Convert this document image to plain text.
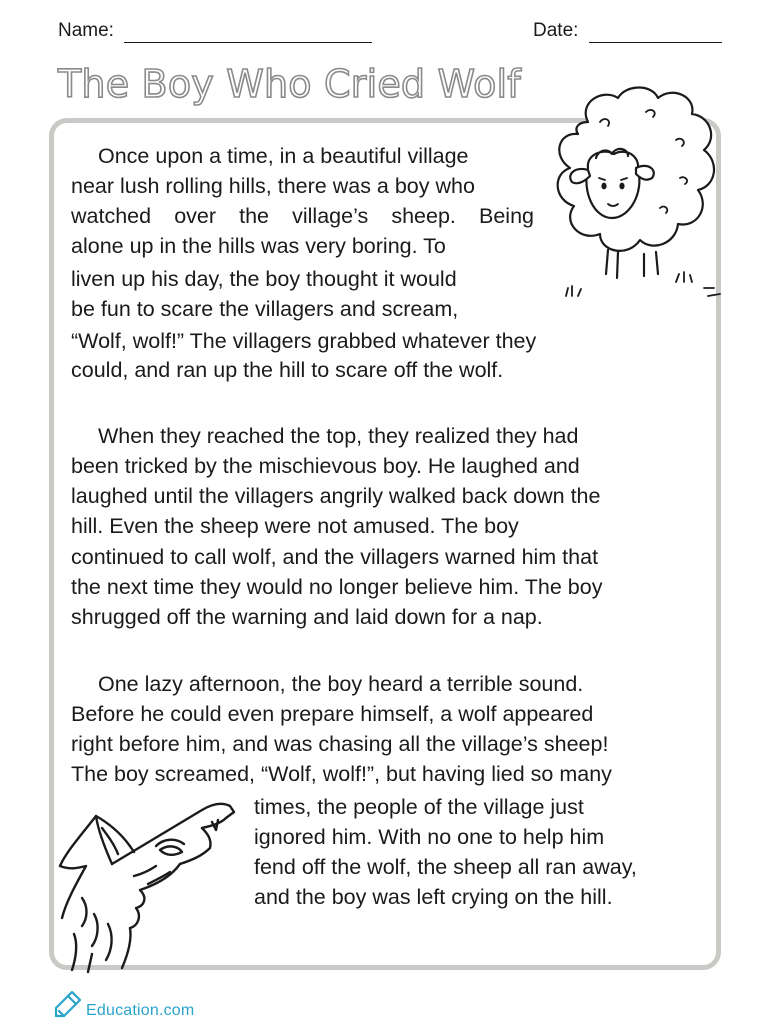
Name:	Date:
The Boy Who Cried Wolf

Once upon a time, in a beautiful village

near lush rolling hills, there was a boy who

watched over the village’s sheep. Being

alone up in the hills was very boring. To

liven up his day, the boy thought it would

be fun to scare the villagers and scream,

“Wolf, wolf!” The villagers grabbed whatever they

could, and ran up the hill to scare off the wolf.

When they reached the top, they realized they had

been tricked by the mischievous boy. He laughed and

laughed until the villagers angrily walked back down the

hill. Even the sheep were not amused. The boy

continued to call wolf, and the villagers warned him that

the next time they would no longer believe him. The boy

shrugged off the warning and laid down for a nap.

One lazy afternoon, the boy heard a terrible sound.

Before he could even prepare himself, a wolf appeared

right before him, and was chasing all the village’s sheep!

The boy screamed, “Wolf, wolf!”, but having lied so many

times, the people of the village just

ignored him. With no one to help him

fend off the wolf, the sheep all ran away,

and the boy was left crying on the hill.

Education.com
